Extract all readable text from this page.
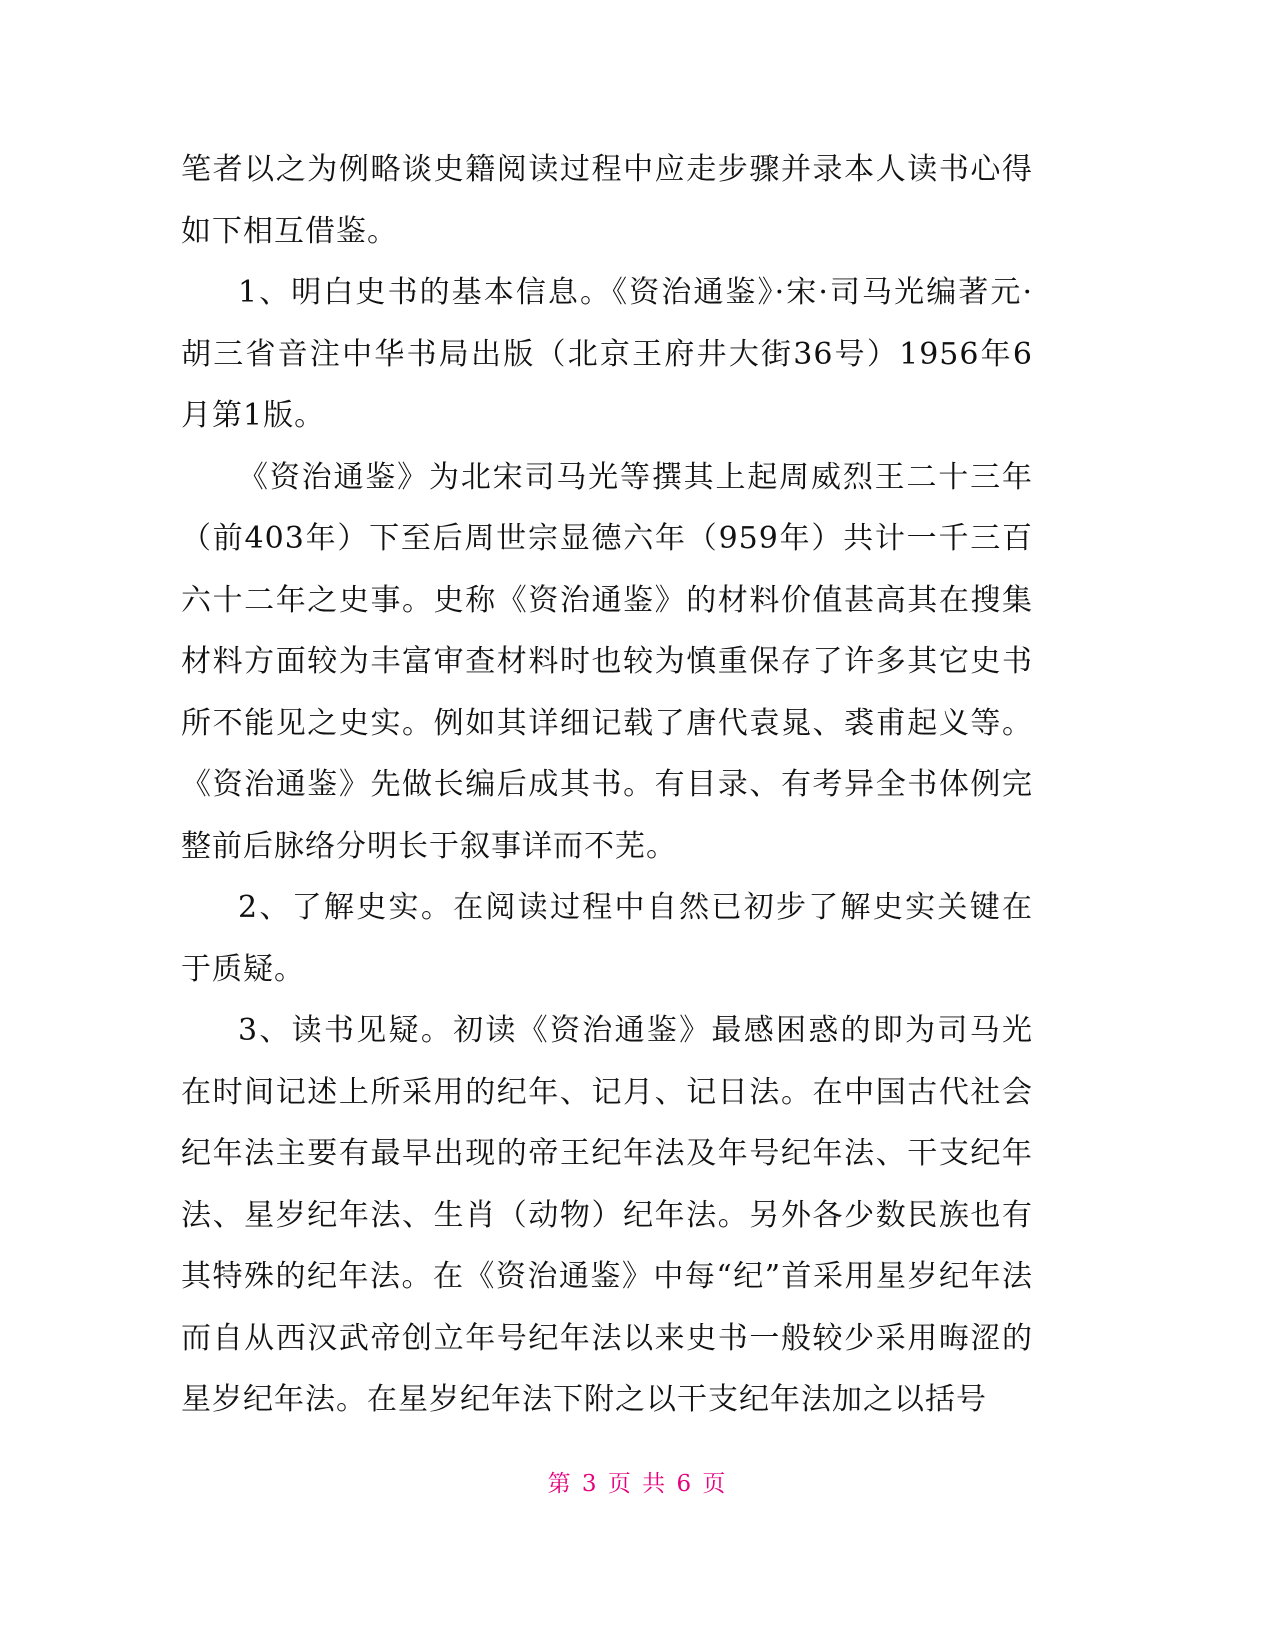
笔者以之为例略谈史籍阅读过程中应走步骤并录本人读书心得如下相互借鉴。

1、明白史书的基本信息。《资治通鉴》·宋·司马光编著元·胡三省音注中华书局出版（北京王府井大街36号）1956年6月第1版。

《资治通鉴》为北宋司马光等撰其上起周威烈王二十三年（前403年）下至后周世宗显德六年（959年）共计一千三百六十二年之史事。史称《资治通鉴》的材料价值甚高其在搜集材料方面较为丰富审查材料时也较为慎重保存了许多其它史书所不能见之史实。例如其详细记载了唐代袁晁、裘甫起义等。《资治通鉴》先做长编后成其书。有目录、有考异全书体例完整前后脉络分明长于叙事详而不芜。

2、了解史实。在阅读过程中自然已初步了解史实关键在于质疑。

3、读书见疑。初读《资治通鉴》最感困惑的即为司马光在时间记述上所采用的纪年、记月、记日法。在中国古代社会纪年法主要有最早出现的帝王纪年法及年号纪年法、干支纪年法、星岁纪年法、生肖（动物）纪年法。另外各少数民族也有其特殊的纪年法。在《资治通鉴》中每“纪”首采用星岁纪年法而自从西汉武帝创立年号纪年法以来史书一般较少采用晦涩的星岁纪年法。在星岁纪年法下附之以干支纪年法加之以括号

第 3 页 共 6 页
